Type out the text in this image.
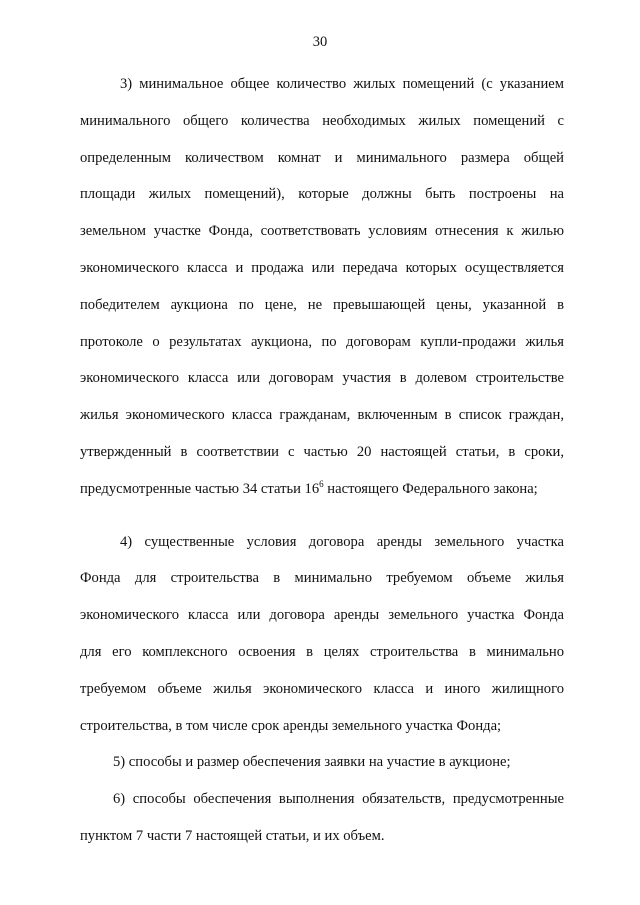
30
3) минимальное общее количество жилых помещений (с указанием
минимального общего количества необходимых жилых помещений с
определенным количеством комнат и минимального размера общей
площади жилых помещений), которые должны быть построены на
земельном участке Фонда, соответствовать условиям отнесения к жилью
экономического класса и продажа или передача которых осуществляется
победителем аукциона по цене, не превышающей цены, указанной в
протоколе о результатах аукциона, по договорам купли-продажи жилья
экономического класса или договорам участия в долевом строительстве
жилья экономического класса гражданам, включенным в список граждан,
утвержденный в соответствии с частью 20 настоящей статьи, в сроки,
предусмотренные частью 34 статьи $16^6$ настоящего Федерального закона;
4) существенные условия договора аренды земельного участка
Фонда для строительства в минимально требуемом объеме жилья
экономического класса или договора аренды земельного участка Фонда
для его комплексного освоения в целях строительства в минимально
требуемом объеме жилья экономического класса и иного жилищного
строительства, в том числе срок аренды земельного участка Фонда;
5) способы и размер обеспечения заявки на участие в аукционе;
6) способы обеспечения выполнения обязательств, предусмотренные
пунктом 7 части 7 настоящей статьи, и их объем.
